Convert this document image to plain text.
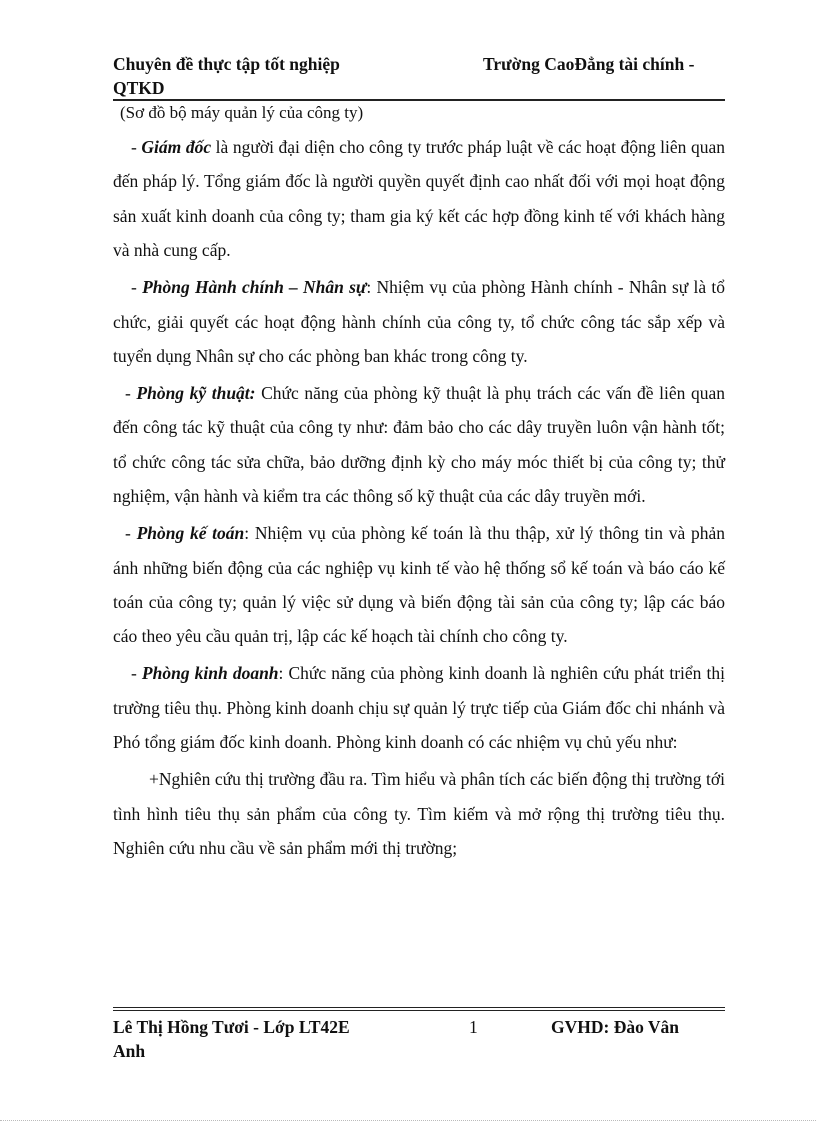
Chuyên đề thực tập tốt nghiệp	Trường CaoĐẳng tài chính -
QTKD
(Sơ đồ bộ máy quản lý của công ty)

- Giám đốc là người đại diện cho công ty trước pháp luật về các hoạt động liên quan đến pháp lý. Tổng giám đốc là người quyền quyết định cao nhất đối với mọi hoạt động sản xuất kinh doanh của công ty; tham gia ký kết các hợp đồng kinh tế với khách hàng và nhà cung cấp.

- Phòng Hành chính – Nhân sự: Nhiệm vụ của phòng Hành chính - Nhân sự là tổ chức, giải quyết các hoạt động hành chính của công ty, tổ chức công tác sắp xếp và tuyển dụng Nhân sự cho các phòng ban khác trong công ty.

- Phòng kỹ thuật: Chức năng của phòng kỹ thuật là phụ trách các vấn đề liên quan đến công tác kỹ thuật của công ty như: đảm bảo cho các dây truyền luôn vận hành tốt; tổ chức công tác sửa chữa, bảo dưỡng định kỳ cho máy móc thiết bị của công ty; thử nghiệm, vận hành và kiểm tra các thông số kỹ thuật của các dây truyền mới.

- Phòng kế toán: Nhiệm vụ của phòng kế toán là thu thập, xử lý thông tin và phản ánh những biến động của các nghiệp vụ kinh tế vào hệ thống sổ kế toán và báo cáo kế toán của công ty; quản lý việc sử dụng và biến động tài sản của công ty; lập các báo cáo theo yêu cầu quản trị, lập các kế hoạch tài chính cho công ty.

- Phòng kinh doanh: Chức năng của phòng kinh doanh là nghiên cứu phát triển thị trường tiêu thụ. Phòng kinh doanh chịu sự quản lý trực tiếp của Giám đốc chi nhánh và Phó tổng giám đốc kinh doanh. Phòng kinh doanh có các nhiệm vụ chủ yếu như:

+Nghiên cứu thị trường đầu ra. Tìm hiểu và phân tích các biến động thị trường tới tình hình tiêu thụ sản phẩm của công ty. Tìm kiếm và mở rộng thị trường tiêu thụ. Nghiên cứu nhu cầu về sản phẩm mới thị trường;

Lê Thị Hồng Tươi - Lớp LT42E	1	GVHD: Đào Vân
Anh
